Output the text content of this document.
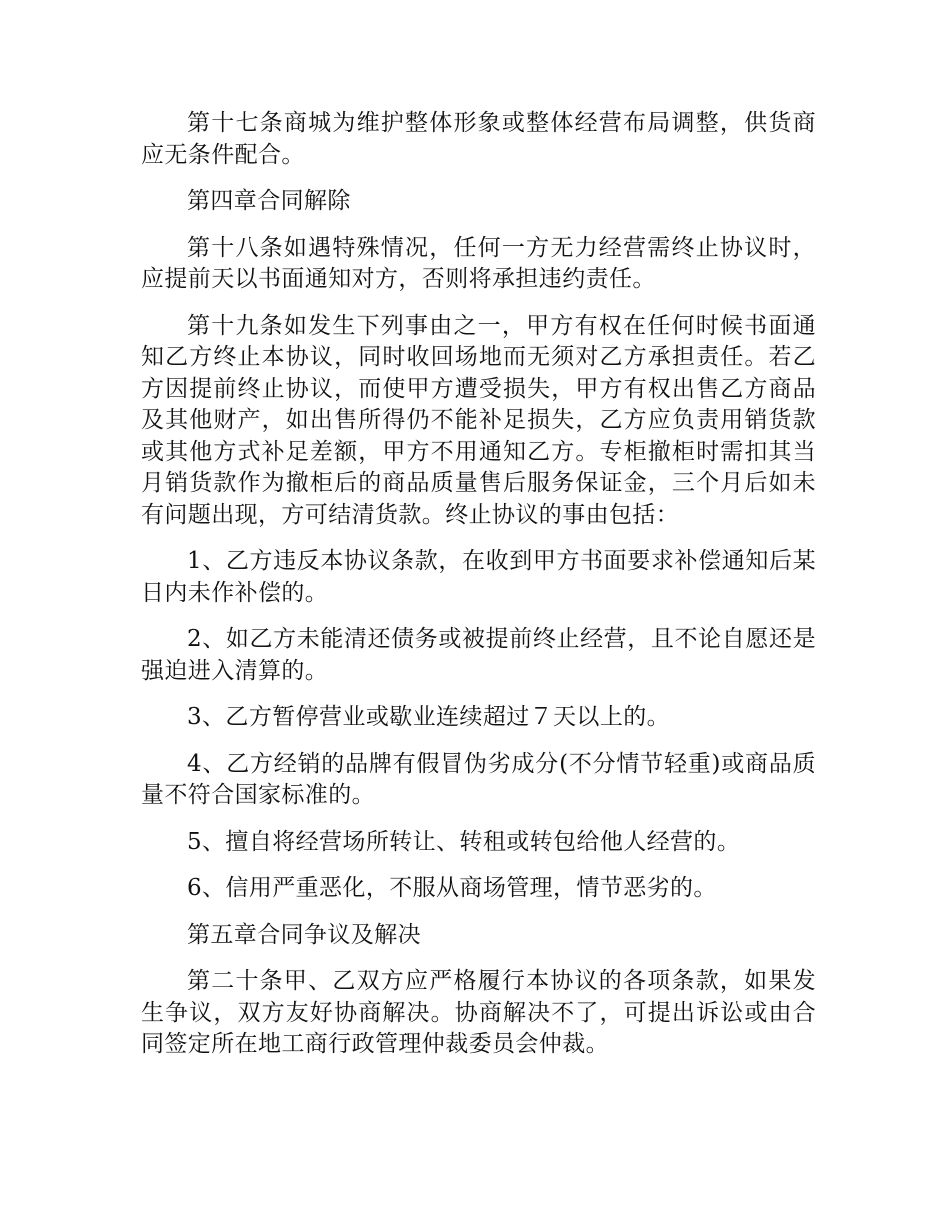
第十七条商城为维护整体形象或整体经营布局调整，供货商应无条件配合。

第四章合同解除

第十八条如遇特殊情况，任何一方无力经营需终止协议时，应提前天以书面通知对方，否则将承担违约责任。

第十九条如发生下列事由之一，甲方有权在任何时候书面通知乙方终止本协议，同时收回场地而无须对乙方承担责任。若乙方因提前终止协议，而使甲方遭受损失，甲方有权出售乙方商品及其他财产，如出售所得仍不能补足损失，乙方应负责用销货款或其他方式补足差额，甲方不用通知乙方。专柜撤柜时需扣其当月销货款作为撤柜后的商品质量售后服务保证金，三个月后如未有问题出现，方可结清货款。终止协议的事由包括：

1、乙方违反本协议条款，在收到甲方书面要求补偿通知后某日内未作补偿的。

2、如乙方未能清还债务或被提前终止经营，且不论自愿还是强迫进入清算的。

3、乙方暂停营业或歇业连续超过７天以上的。

4、乙方经销的品牌有假冒伪劣成分(不分情节轻重)或商品质量不符合国家标准的。

5、擅自将经营场所转让、转租或转包给他人经营的。

6、信用严重恶化，不服从商场管理，情节恶劣的。

第五章合同争议及解决

第二十条甲、乙双方应严格履行本协议的各项条款，如果发生争议，双方友好协商解决。协商解决不了，可提出诉讼或由合同签定所在地工商行政管理仲裁委员会仲裁。
